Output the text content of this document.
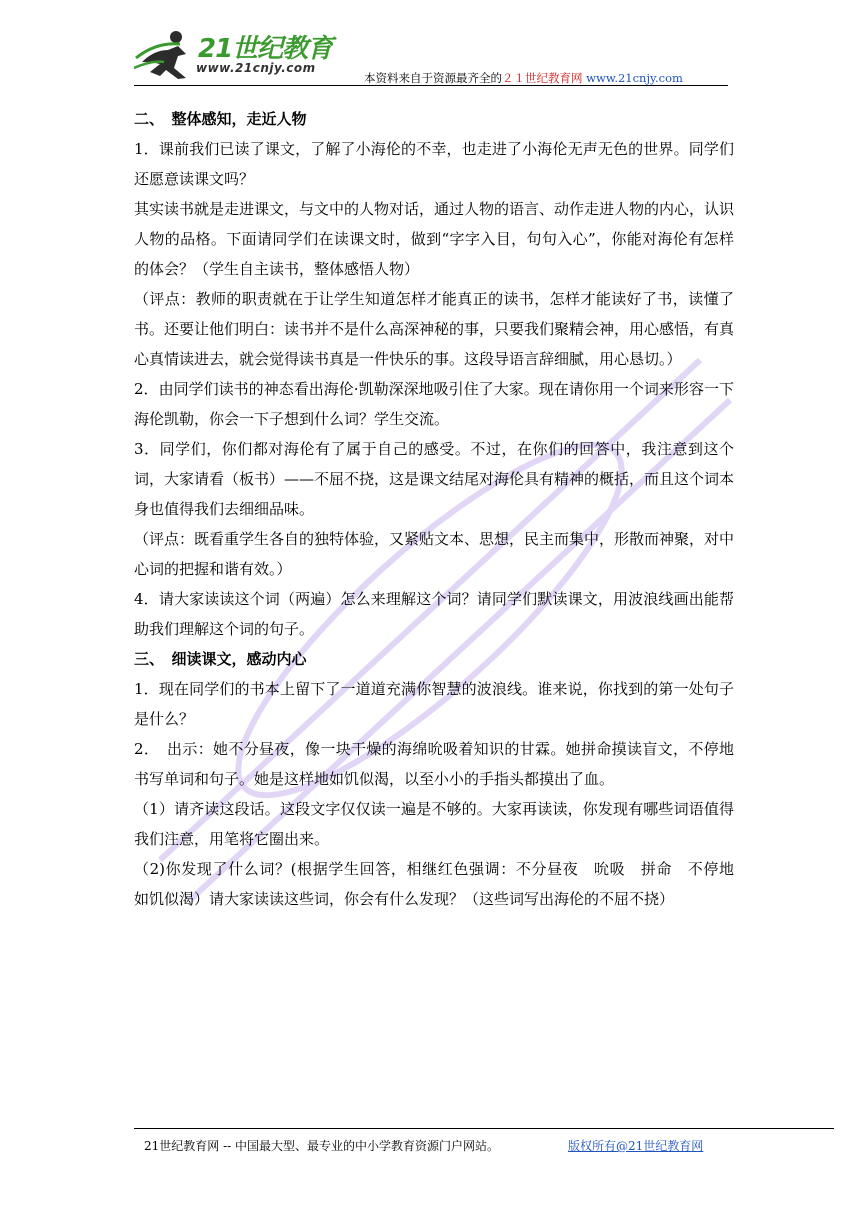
21世纪教育
www.21cnjy.com
本资料来自于资源最齐全的２１世纪教育网 www.21cnjy.com

二、　整体感知，走近人物

1．课前我们已读了课文，了解了小海伦的不幸，也走进了小海伦无声无色的世界。同学们还愿意读课文吗？

其实读书就是走进课文，与文中的人物对话，通过人物的语言、动作走进人物的内心，认识人物的品格。下面请同学们在读课文时，做到“字字入目，句句入心”，你能对海伦有怎样的体会？（学生自主读书，整体感悟人物）

（评点：教师的职责就在于让学生知道怎样才能真正的读书，怎样才能读好了书，读懂了书。还要让他们明白：读书并不是什么高深神秘的事，只要我们聚精会神，用心感悟，有真心真情读进去，就会觉得读书真是一件快乐的事。这段导语言辞细腻，用心恳切。）

2．由同学们读书的神态看出海伦·凯勒深深地吸引住了大家。现在请你用一个词来形容一下海伦凯勒，你会一下子想到什么词？学生交流。

3．同学们，你们都对海伦有了属于自己的感受。不过，在你们的回答中，我注意到这个词，大家请看（板书）——不屈不挠，这是课文结尾对海伦具有精神的概括，而且这个词本身也值得我们去细细品味。

（评点：既看重学生各自的独特体验，又紧贴文本、思想，民主而集中，形散而神聚，对中心词的把握和谐有效。）

4．请大家读读这个词（两遍）怎么来理解这个词？请同学们默读课文，用波浪线画出能帮助我们理解这个词的句子。

三、　细读课文，感动内心

1．现在同学们的书本上留下了一道道充满你智慧的波浪线。谁来说，你找到的第一处句子是什么？

2．　出示：她不分昼夜，像一块干燥的海绵吮吸着知识的甘霖。她拼命摸读盲文，不停地书写单词和句子。她是这样地如饥似渴，以至小小的手指头都摸出了血。

（1）请齐读这段话。这段文字仅仅读一遍是不够的。大家再读读，你发现有哪些词语值得我们注意，用笔将它圈出来。

（2)你发现了什么词？(根据学生回答，相继红色强调：不分昼夜　吮吸　拼命　不停地　如饥似渴）请大家读读这些词，你会有什么发现？（这些词写出海伦的不屈不挠）

21世纪教育网 -- 中国最大型、最专业的中小学教育资源门户网站。	版权所有@21世纪教育网
